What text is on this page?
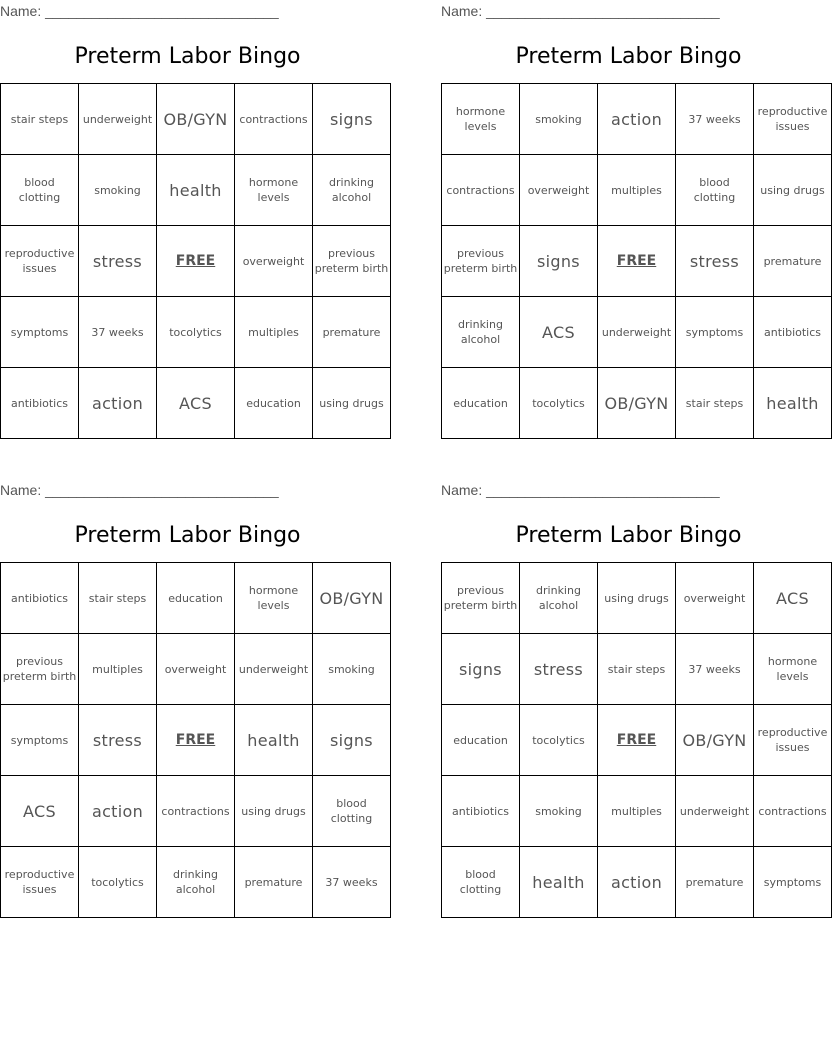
Name: ______________________________
Preterm Labor Bingo
stair steps	underweight	OB/GYN	contractions	signs
blood clotting	smoking	health	hormone levels	drinking alcohol
reproductive issues	stress	FREE	overweight	previous preterm birth
symptoms	37 weeks	tocolytics	multiples	premature
antibiotics	action	ACS	education	using drugs
Name: ______________________________
Preterm Labor Bingo
hormone levels	smoking	action	37 weeks	reproductive issues
contractions	overweight	multiples	blood clotting	using drugs
previous preterm birth	signs	FREE	stress	premature
drinking alcohol	ACS	underweight	symptoms	antibiotics
education	tocolytics	OB/GYN	stair steps	health
Name: ______________________________
Preterm Labor Bingo
antibiotics	stair steps	education	hormone levels	OB/GYN
previous preterm birth	multiples	overweight	underweight	smoking
symptoms	stress	FREE	health	signs
ACS	action	contractions	using drugs	blood clotting
reproductive issues	tocolytics	drinking alcohol	premature	37 weeks
Name: ______________________________
Preterm Labor Bingo
previous preterm birth	drinking alcohol	using drugs	overweight	ACS
signs	stress	stair steps	37 weeks	hormone levels
education	tocolytics	FREE	OB/GYN	reproductive issues
antibiotics	smoking	multiples	underweight	contractions
blood clotting	health	action	premature	symptoms
